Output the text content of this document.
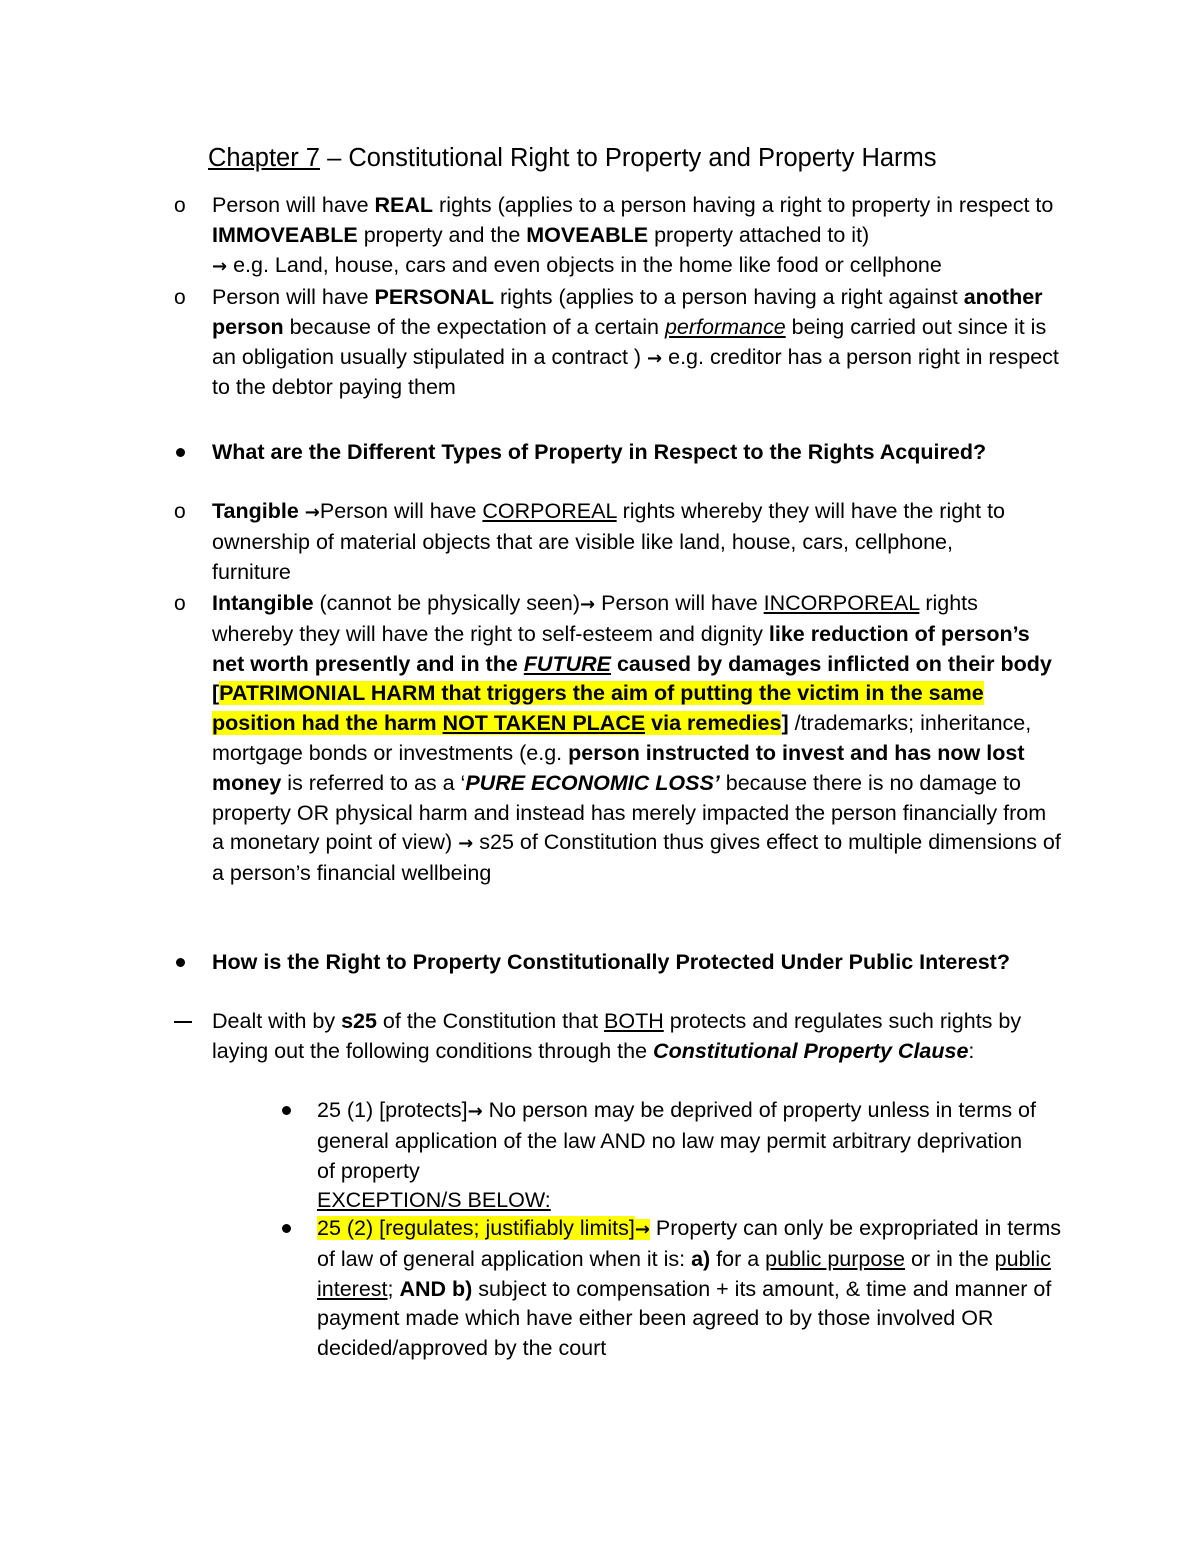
Chapter 7 – Constitutional Right to Property and Property Harms
o Person will have REAL rights (applies to a person having a right to property in respect to IMMOVEABLE property and the MOVEABLE property attached to it)
→ e.g. Land, house, cars and even objects in the home like food or cellphone
o Person will have PERSONAL rights (applies to a person having a right against another person because of the expectation of a certain performance being carried out since it is an obligation usually stipulated in a contract ) → e.g. creditor has a person right in respect to the debtor paying them
What are the Different Types of Property in Respect to the Rights Acquired?
o Tangible →Person will have CORPOREAL rights whereby they will have the right to ownership of material objects that are visible like land, house, cars, cellphone, furniture
o Intangible (cannot be physically seen)→ Person will have INCORPOREAL rights whereby they will have the right to self-esteem and dignity like reduction of person’s net worth presently and in the FUTURE caused by damages inflicted on their body [PATRIMONIAL HARM that triggers the aim of putting the victim in the same position had the harm NOT TAKEN PLACE via remedies] /trademarks; inheritance, mortgage bonds or investments (e.g. person instructed to invest and has now lost money is referred to as a ‘PURE ECONOMIC LOSS’ because there is no damage to property OR physical harm and instead has merely impacted the person financially from a monetary point of view) → s25 of Constitution thus gives effect to multiple dimensions of a person’s financial wellbeing
How is the Right to Property Constitutionally Protected Under Public Interest?
Dealt with by s25 of the Constitution that BOTH protects and regulates such rights by laying out the following conditions through the Constitutional Property Clause:
25 (1) [protects]→ No person may be deprived of property unless in terms of general application of the law AND no law may permit arbitrary deprivation of property
EXCEPTION/S BELOW:
25 (2) [regulates; justifiably limits]→ Property can only be expropriated in terms of law of general application when it is: a) for a public purpose or in the public interest; AND b) subject to compensation + its amount, & time and manner of payment made which have either been agreed to by those involved OR decided/approved by the court
